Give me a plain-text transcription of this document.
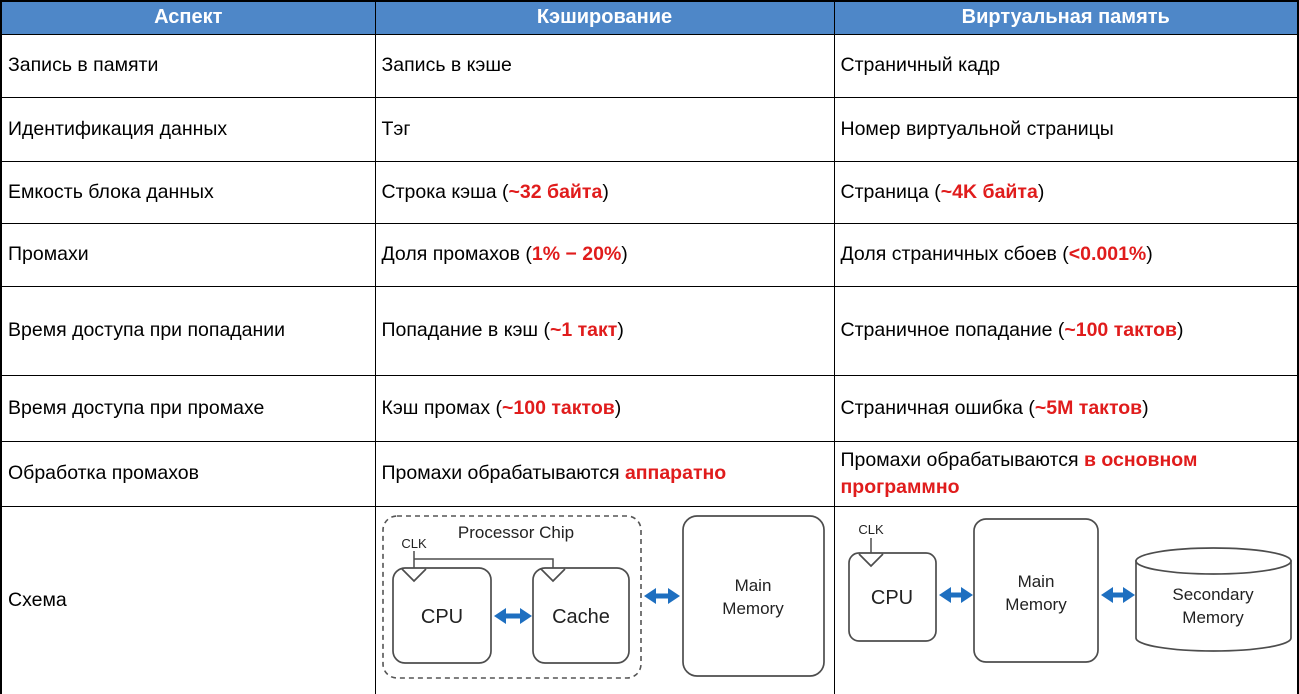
Аспект	Кэширование	Виртуальная память
Запись в памяти	Запись в кэше	Страничный кадр
Идентификация данных	Тэг	Номер виртуальной страницы
Емкость блока данных	Строка кэша (~32 байта)	Страница (~4K байта)
Промахи	Доля промахов (1% − 20%)	Доля страничных сбоев (<0.001%)
Время доступа при попадании	Попадание в кэш (~1 такт)	Страничное попадание (~100 тактов)
Время доступа при промахе	Кэш промах (~100 тактов)	Страничная ошибка (~5M тактов)
Обработка промахов	Промахи обрабатываются аппаратно	Промахи обрабатываются в основном программно
Схема	
Processor Chip
CLK
CPU	Cache
Main
Memory

CLK
CPU
Main
Memory
Secondary
Memory
